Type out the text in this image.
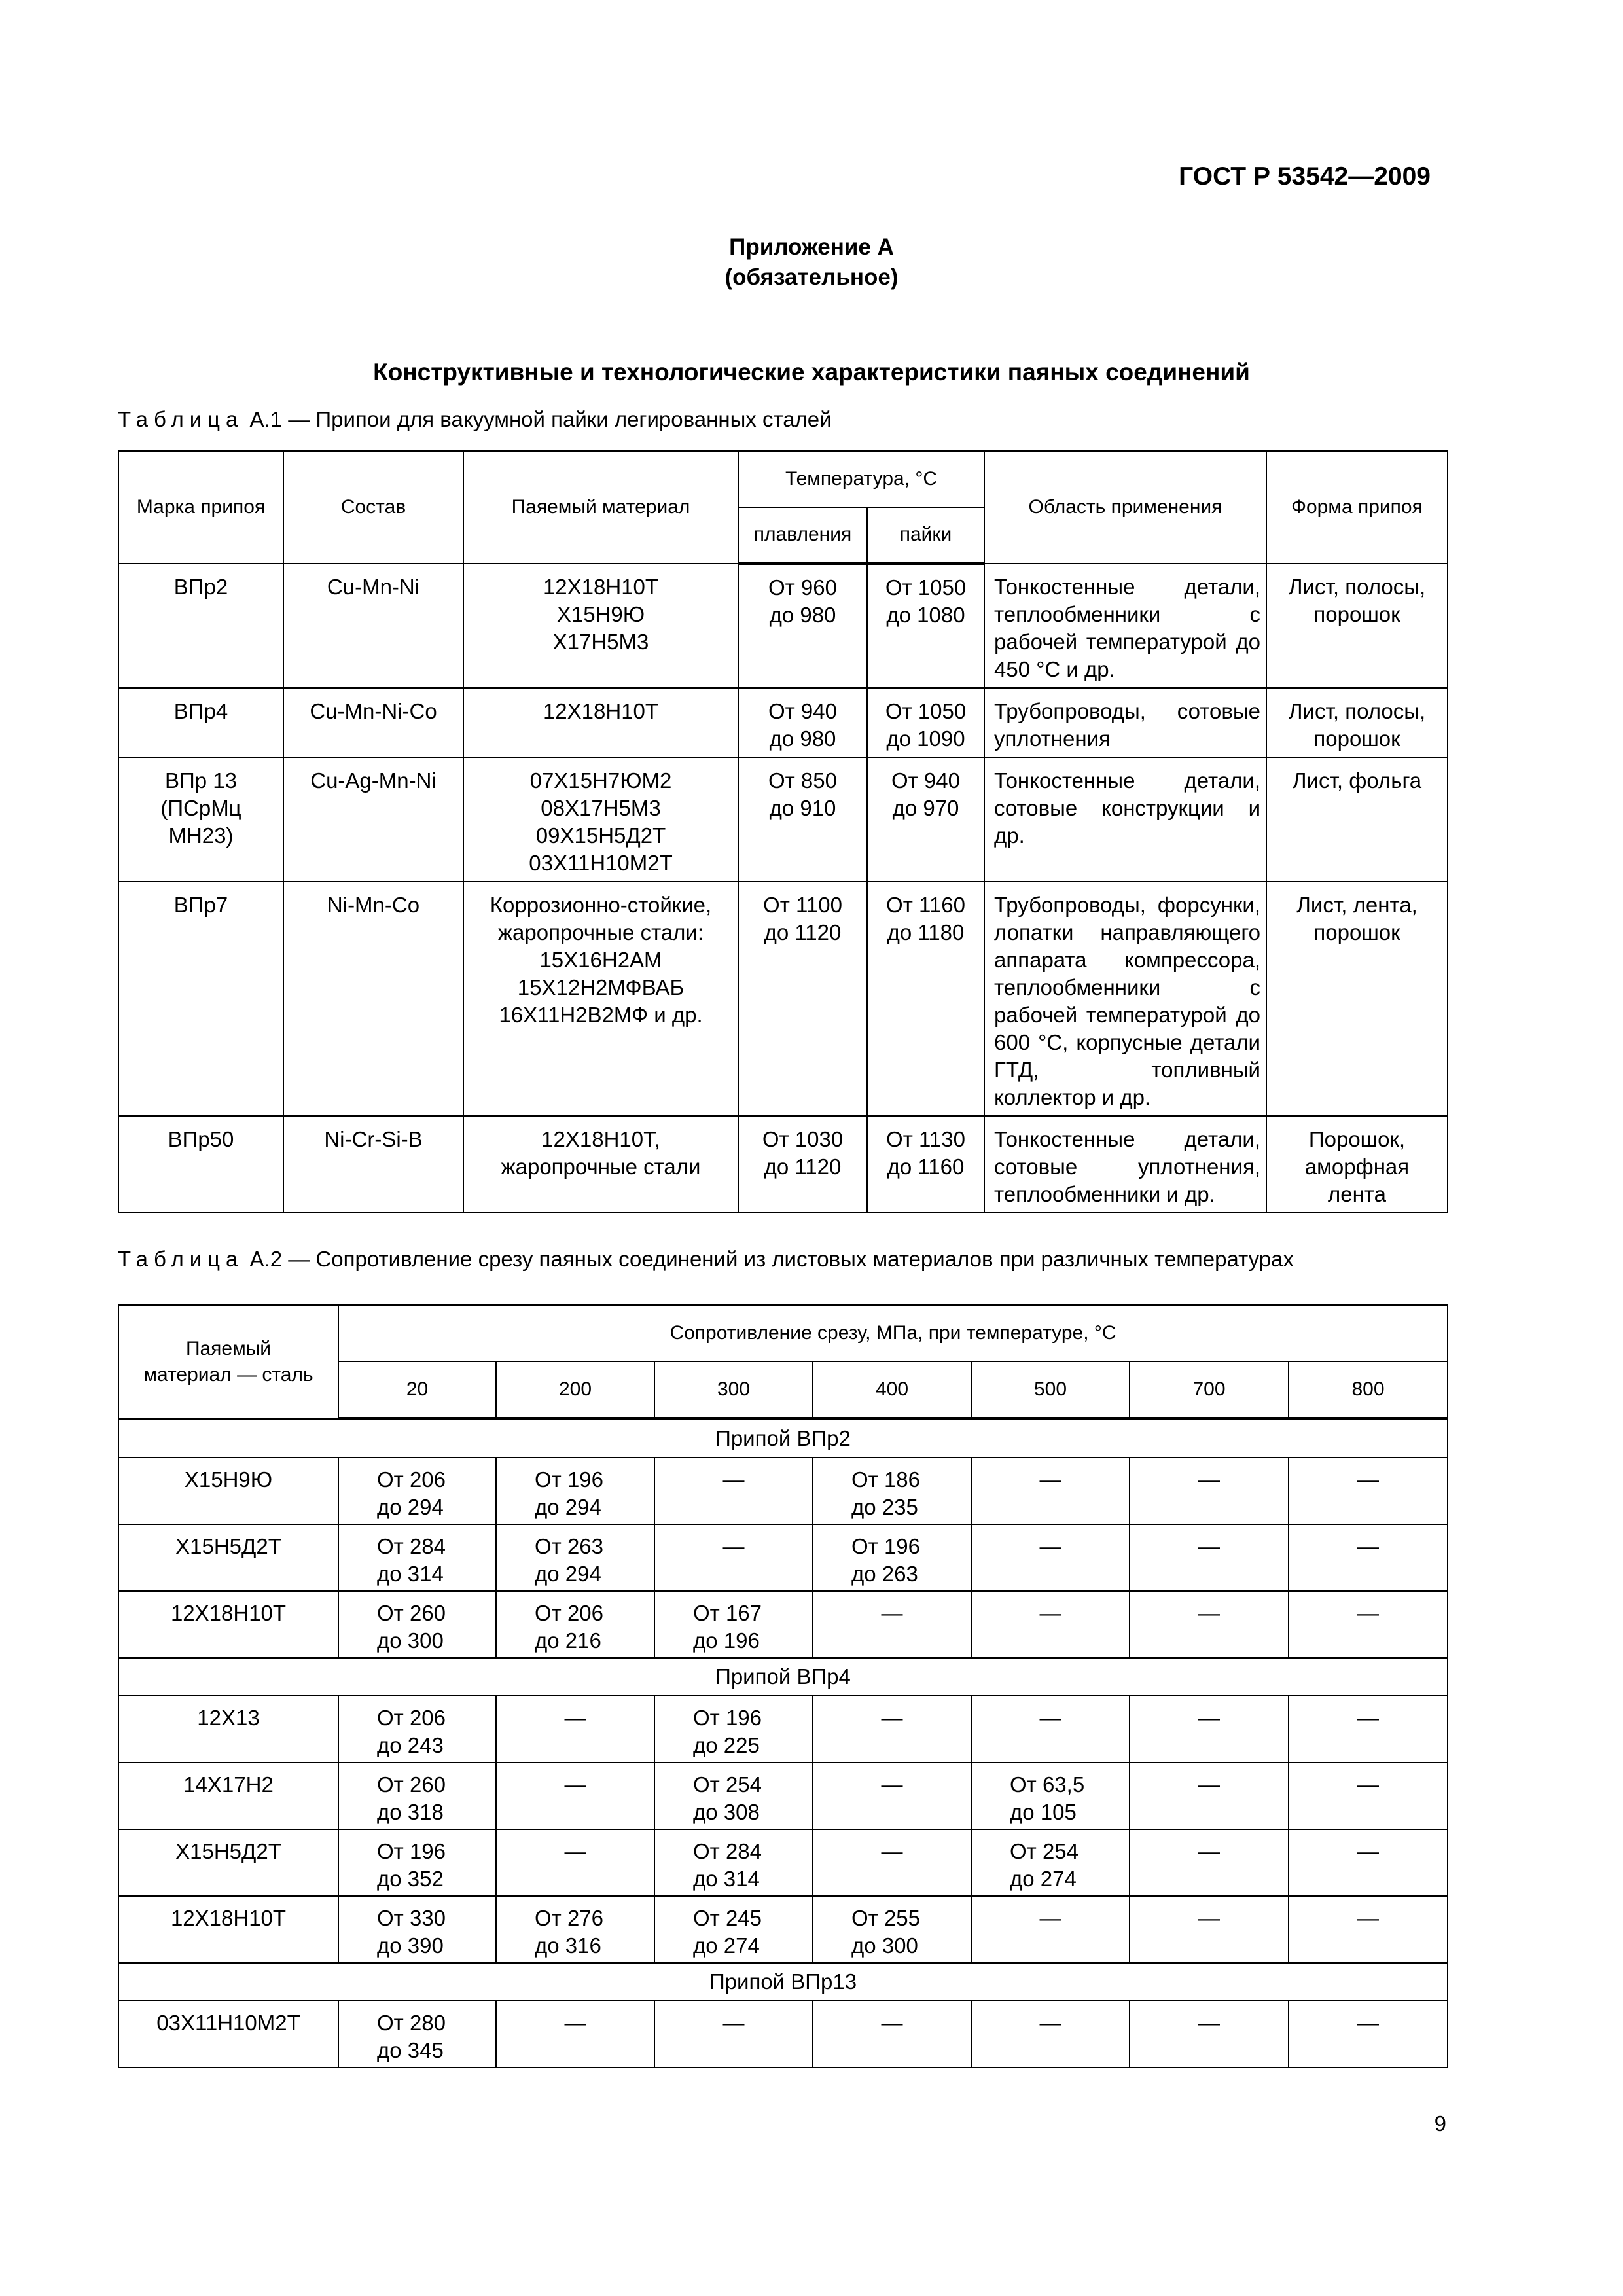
ГОСТ Р 53542—2009
Приложение А
(обязательное)
Конструктивные и технологические характеристики паяных соединений
Таблица А.1 — Припои для вакуумной пайки легированных сталей
Марка припоя	Состав	Паяемый материал	Температура, °С		Область применения	Форма припоя
			плавления	пайки		
ВПр2	Cu-Mn-Ni	12Х18Н10Т
Х15Н9Ю
Х17Н5М3	От 960
до 980	От 1050
до 1080	Тонкостенные детали, теплообменники с рабочей температурой до 450 °С и др.	Лист, полосы, порошок
ВПр4	Cu-Mn-Ni-Co	12Х18Н10Т	От 940
до 980	От 1050
до 1090	Трубопроводы, сотовые уплотнения	Лист, полосы, порошок
ВПр 13
(ПСрМц
МН23)	Cu-Ag-Mn-Ni	07Х15Н7ЮМ2
08Х17Н5М3
09Х15Н5Д2Т
03Х11Н10М2Т	От 850
до 910	От 940
до 970	Тонкостенные детали, сотовые конструкции и др.	Лист, фольга
ВПр7	Ni-Mn-Co	Коррозионно-стойкие,
жаропрочные стали:
15Х16Н2АМ
15Х12Н2МФВАБ
16Х11Н2В2МФ и др.	От 1100
до 1120	От 1160
до 1180	Трубопроводы, форсунки, лопатки направляющего аппарата компрессора, теплообменники с рабочей температурой до 600 °С, корпусные детали ГТД, топливный коллектор и др.	Лист, лента, порошок
ВПр50	Ni-Cr-Si-B	12Х18Н10Т,
жаропрочные стали	От 1030
до 1120	От 1130
до 1160	Тонкостенные детали, сотовые уплотнения, теплообменники и др.	Порошок,
аморфная
лента
Таблица А.2 — Сопротивление срезу паяных соединений из листовых материалов при различных температурах
Паяемый
материал — сталь	Сопротивление срезу, МПа, при температуре, °С						
	20	200	300	400	500	700	800
Припой ВПр2							
Х15Н9Ю	От 206
до 294	От 196
до 294	—	От 186
до 235	—	—	—
Х15Н5Д2Т	От 284
до 314	От 263
до 294	—	От 196
до 263	—	—	—
12Х18Н10Т	От 260
до 300	От 206
до 216	От 167
до 196	—	—	—	—
Припой ВПр4							
12Х13	От 206
до 243	—	От 196
до 225	—	—	—	—
14Х17Н2	От 260
до 318	—	От 254
до 308	—	От 63,5
до 105	—	—
Х15Н5Д2Т	От 196
до 352	—	От 284
до 314	—	От 254
до 274	—	—
12Х18Н10Т	От 330
до 390	От 276
до 316	От 245
до 274	От 255
до 300	—	—	—
Припой ВПр13							
03Х11Н10М2Т	От 280
до 345	—	—	—	—	—	—
9
